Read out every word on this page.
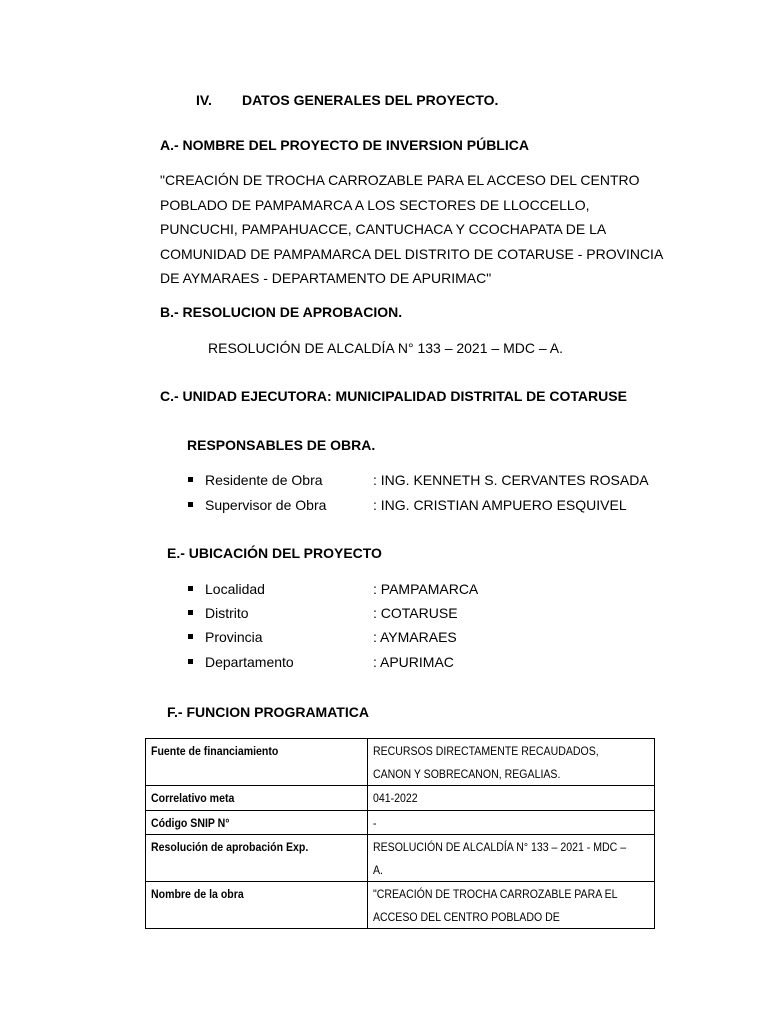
IV. DATOS GENERALES DEL PROYECTO.
A.- NOMBRE DEL PROYECTO DE INVERSION PÚBLICA
"CREACIÓN DE TROCHA CARROZABLE PARA EL ACCESO DEL CENTRO
POBLADO DE PAMPAMARCA A LOS SECTORES DE LLOCCELLO,
PUNCUCHI, PAMPAHUACCE, CANTUCHACA Y CCOCHAPATA DE LA
COMUNIDAD DE PAMPAMARCA DEL DISTRITO DE COTARUSE - PROVINCIA
DE AYMARAES - DEPARTAMENTO DE APURIMAC"
B.- RESOLUCION DE APROBACION.
RESOLUCIÓN DE ALCALDÍA N° 133 – 2021 – MDC – A.
C.- UNIDAD EJECUTORA: MUNICIPALIDAD DISTRITAL DE COTARUSE
RESPONSABLES DE OBRA.
Residente de Obra	: ING. KENNETH S. CERVANTES ROSADA
Supervisor de Obra	: ING. CRISTIAN AMPUERO ESQUIVEL
E.- UBICACIÓN DEL PROYECTO
Localidad	: PAMPAMARCA
Distrito	: COTARUSE
Provincia	: AYMARAES
Departamento	: APURIMAC
F.- FUNCION PROGRAMATICA
Fuente de financiamiento	RECURSOS DIRECTAMENTE RECAUDADOS,
CANON Y SOBRECANON, REGALIAS.

Correlativo meta	041-2022
Código SNIP N°	-
Resolución de aprobación Exp.	RESOLUCIÓN DE ALCALDÍA N° 133 – 2021 - MDC –
A.

Nombre de la obra	"CREACIÓN DE TROCHA CARROZABLE PARA EL
ACCESO DEL CENTRO POBLADO DE
